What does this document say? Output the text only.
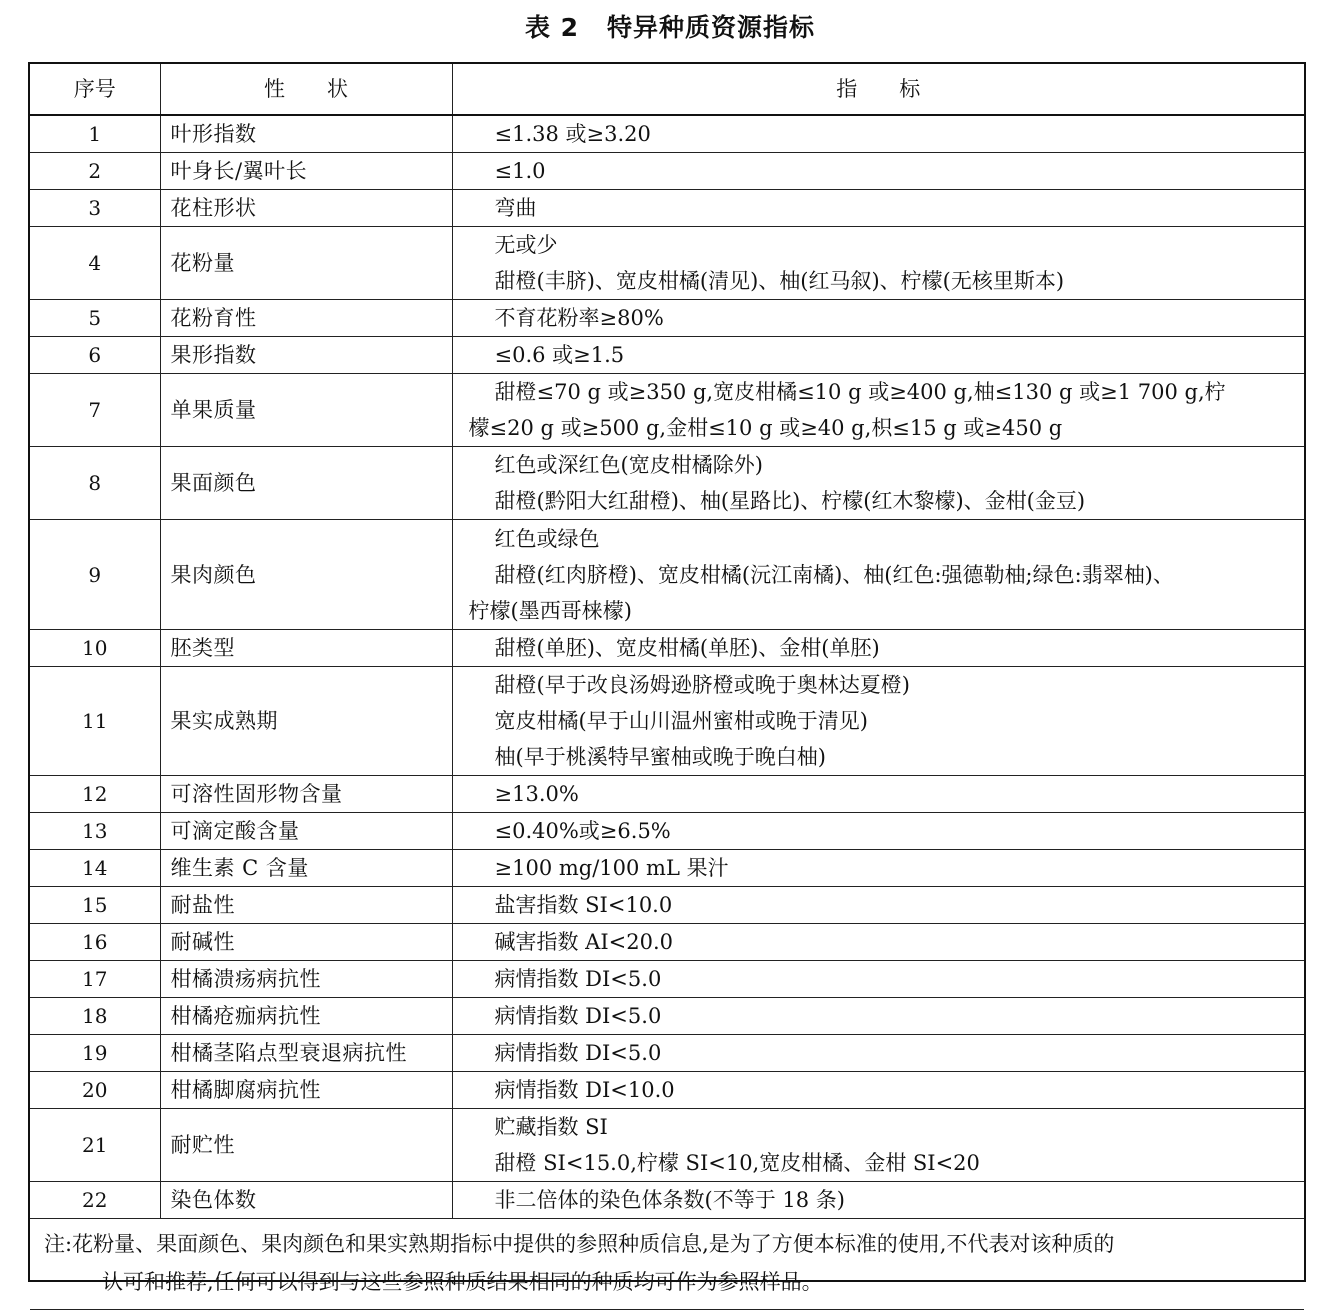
表 2 特异种质资源指标
序号	性　　状	指　　标
1	叶形指数	≤1.38 或≥3.20

2	叶身长/翼叶长	≤1.0

3	花柱形状	弯曲

4	花粉量	无或少
甜橙(丰脐)、宽皮柑橘(清见)、柚(红马叙)、柠檬(无核里斯本)

5	花粉育性	不育花粉率≥80%

6	果形指数	≤0.6 或≥1.5

7	单果质量	甜橙≤70 g 或≥350 g,宽皮柑橘≤10 g 或≥400 g,柚≤130 g 或≥1 700 g,柠
檬≤20 g 或≥500 g,金柑≤10 g 或≥40 g,枳≤15 g 或≥450 g

8	果面颜色	红色或深红色(宽皮柑橘除外)
甜橙(黔阳大红甜橙)、柚(星路比)、柠檬(红木黎檬)、金柑(金豆)

9	果肉颜色	红色或绿色
甜橙(红肉脐橙)、宽皮柑橘(沅江南橘)、柚(红色:强德勒柚;绿色:翡翠柚)、
柠檬(墨西哥梾檬)

10	胚类型	甜橙(单胚)、宽皮柑橘(单胚)、金柑(单胚)

11	果实成熟期	甜橙(早于改良汤姆逊脐橙或晚于奥林达夏橙)
宽皮柑橘(早于山川温州蜜柑或晚于清见)
柚(早于桃溪特早蜜柚或晚于晚白柚)

12	可溶性固形物含量	≥13.0%

13	可滴定酸含量	≤0.40%或≥6.5%

14	维生素 C 含量	≥100 mg/100 mL 果汁

15	耐盐性	盐害指数 SI<10.0

16	耐碱性	碱害指数 AI<20.0

17	柑橘溃疡病抗性	病情指数 DI<5.0

18	柑橘疮痂病抗性	病情指数 DI<5.0

19	柑橘茎陷点型衰退病抗性	病情指数 DI<5.0

20	柑橘脚腐病抗性	病情指数 DI<10.0

21	耐贮性	贮藏指数 SI
甜橙 SI<15.0,柠檬 SI<10,宽皮柑橘、金柑 SI<20

22	染色体数	非二倍体的染色体条数(不等于 18 条)

注:花粉量、果面颜色、果肉颜色和果实熟期指标中提供的参照种质信息,是为了方便本标准的使用,不代表对该种质的
认可和推荐,任何可以得到与这些参照种质结果相同的种质均可作为参照样品。		
